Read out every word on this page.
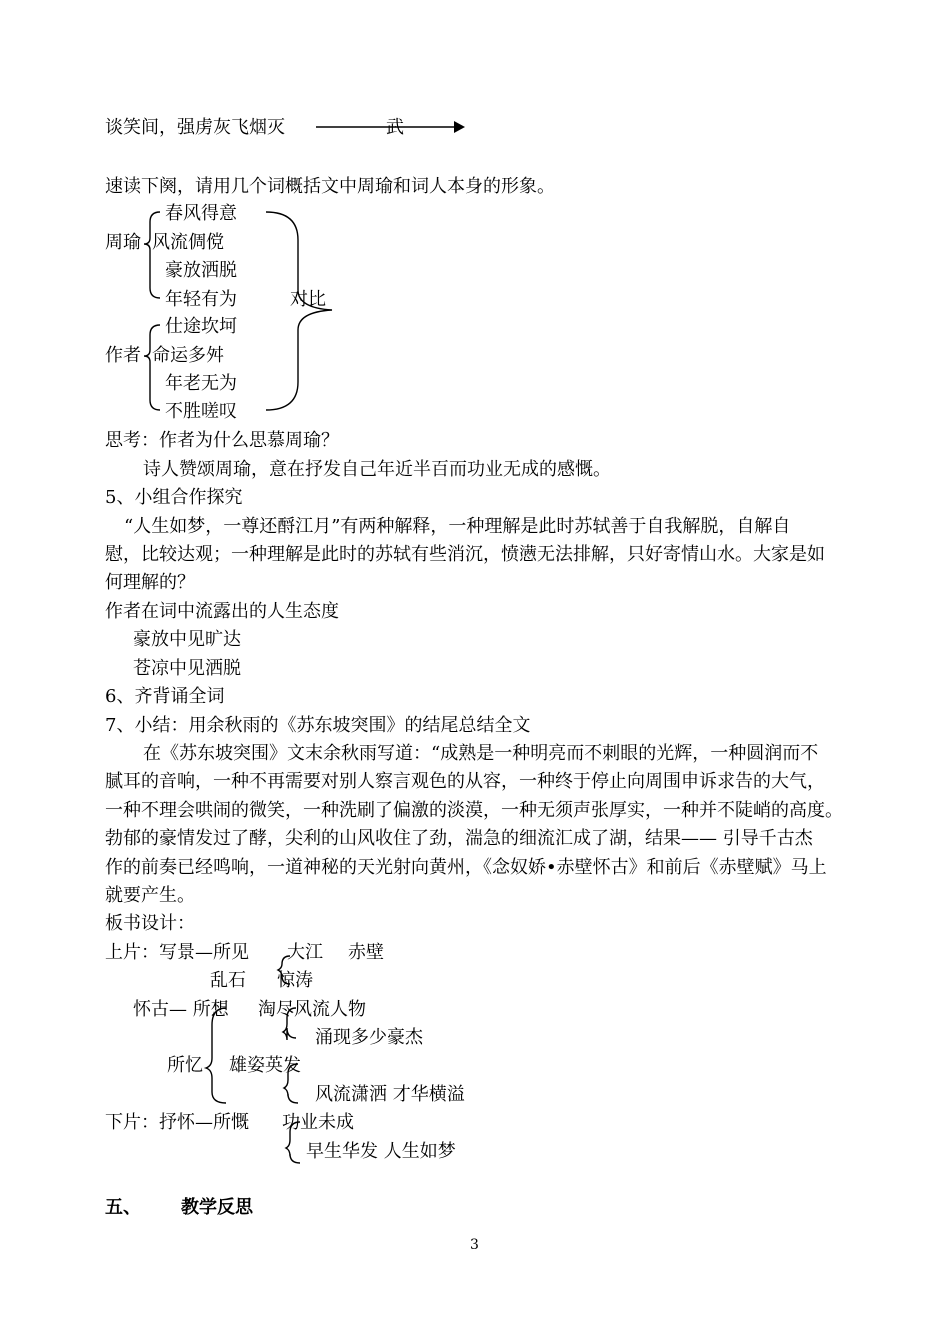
谈笑间，强虏灰飞烟灭	武
速读下阕，请用几个词概括文中周瑜和词人本身的形象。
周瑜
春风得意
风流倜傥
豪放洒脱
年轻有为	对比
作者
仕途坎坷
命运多舛
年老无为
不胜嗟叹
思考：作者为什么思慕周瑜？
诗人赞颂周瑜，意在抒发自己年近半百而功业无成的感慨。
5、小组合作探究
“人生如梦，一尊还酹江月”有两种解释，一种理解是此时苏轼善于自我解脱，自解自
慰，比较达观；一种理解是此时的苏轼有些消沉，愤懑无法排解，只好寄情山水。大家是如
何理解的？
作者在词中流露出的人生态度
豪放中见旷达
苍凉中见洒脱
6、齐背诵全词
7、小结：用余秋雨的《苏东坡突围》的结尾总结全文
在《苏东坡突围》文末余秋雨写道：“成熟是一种明亮而不刺眼的光辉，一种圆润而不
腻耳的音响，一种不再需要对别人察言观色的从容，一种终于停止向周围申诉求告的大气，
一种不理会哄闹的微笑，一种洗刷了偏激的淡漠，一种无须声张厚实，一种并不陡峭的高度。
勃郁的豪情发过了酵，尖利的山风收住了劲，湍急的细流汇成了湖，结果—— 引导千古杰
作的前奏已经鸣响，一道神秘的天光射向黄州，《念奴娇•赤壁怀古》和前后《赤壁赋》马上
就要产生。
板书设计：
上片：写景—所见 大江 赤壁
乱石 惊涛
怀古— 所想 淘尽风流人物
涌现多少豪杰
所忆 雄姿英发
风流潇洒 才华横溢
下片：抒怀—所慨 功业未成
早生华发 人生如梦
五、 教学反思
3
